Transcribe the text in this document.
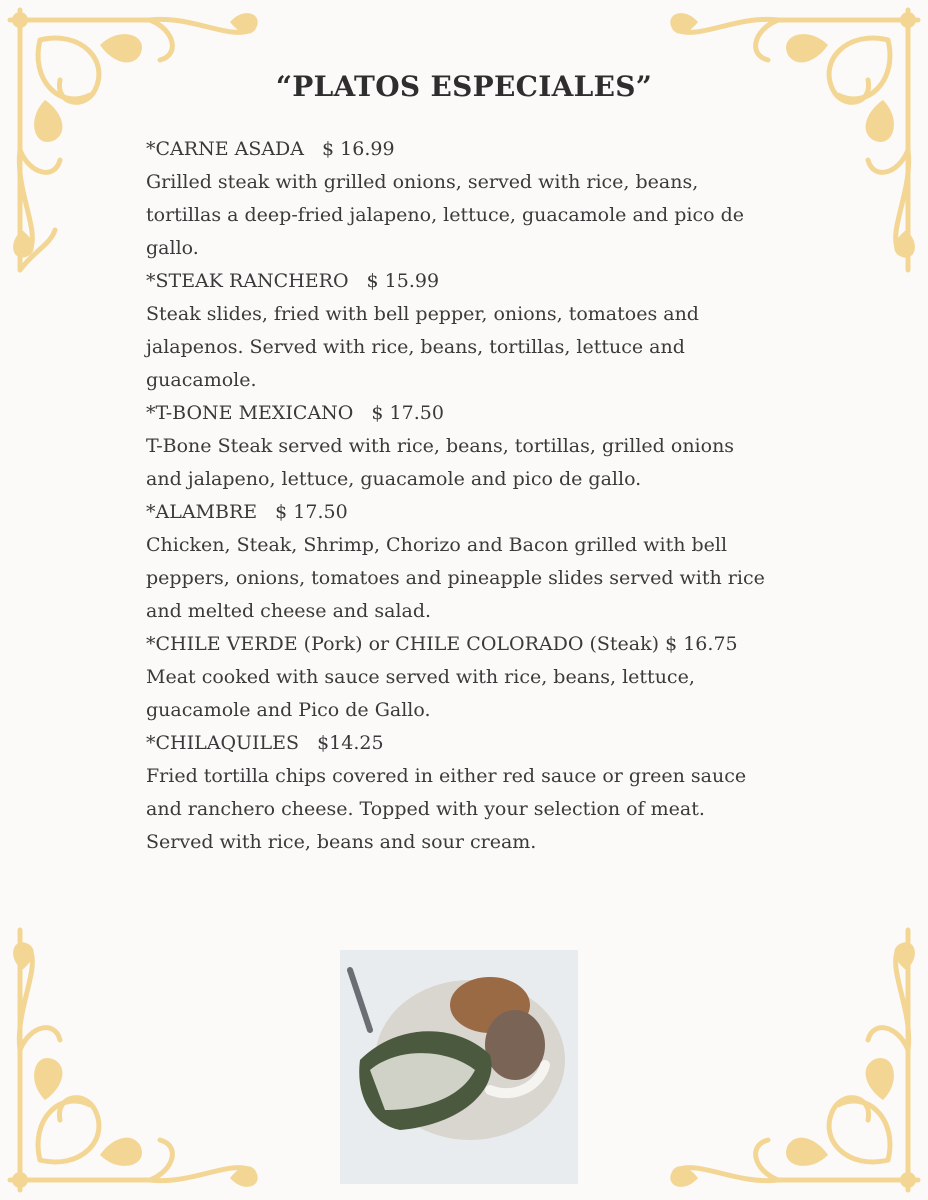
“PLATOS ESPECIALES”
*CARNE ASADA $ 16.99

Grilled steak with grilled onions, served with rice, beans, tortillas a deep-fried jalapeno, lettuce, guacamole and pico de gallo.

*STEAK RANCHERO $ 15.99

Steak slides, fried with bell pepper, onions, tomatoes and jalapenos. Served with rice, beans, tortillas, lettuce and guacamole.

*T-BONE MEXICANO $ 17.50

T-Bone Steak served with rice, beans, tortillas, grilled onions and jalapeno, lettuce, guacamole and pico de gallo.

*ALAMBRE $ 17.50

Chicken, Steak, Shrimp, Chorizo and Bacon grilled with bell peppers, onions, tomatoes and pineapple slides served with rice and melted cheese and salad.

*CHILE VERDE (Pork) or CHILE COLORADO (Steak) $ 16.75

Meat cooked with sauce served with rice, beans, lettuce, guacamole and Pico de Gallo.

*CHILAQUILES $14.25

Fried tortilla chips covered in either red sauce or green sauce and ranchero cheese. Topped with your selection of meat. Served with rice, beans and sour cream.
